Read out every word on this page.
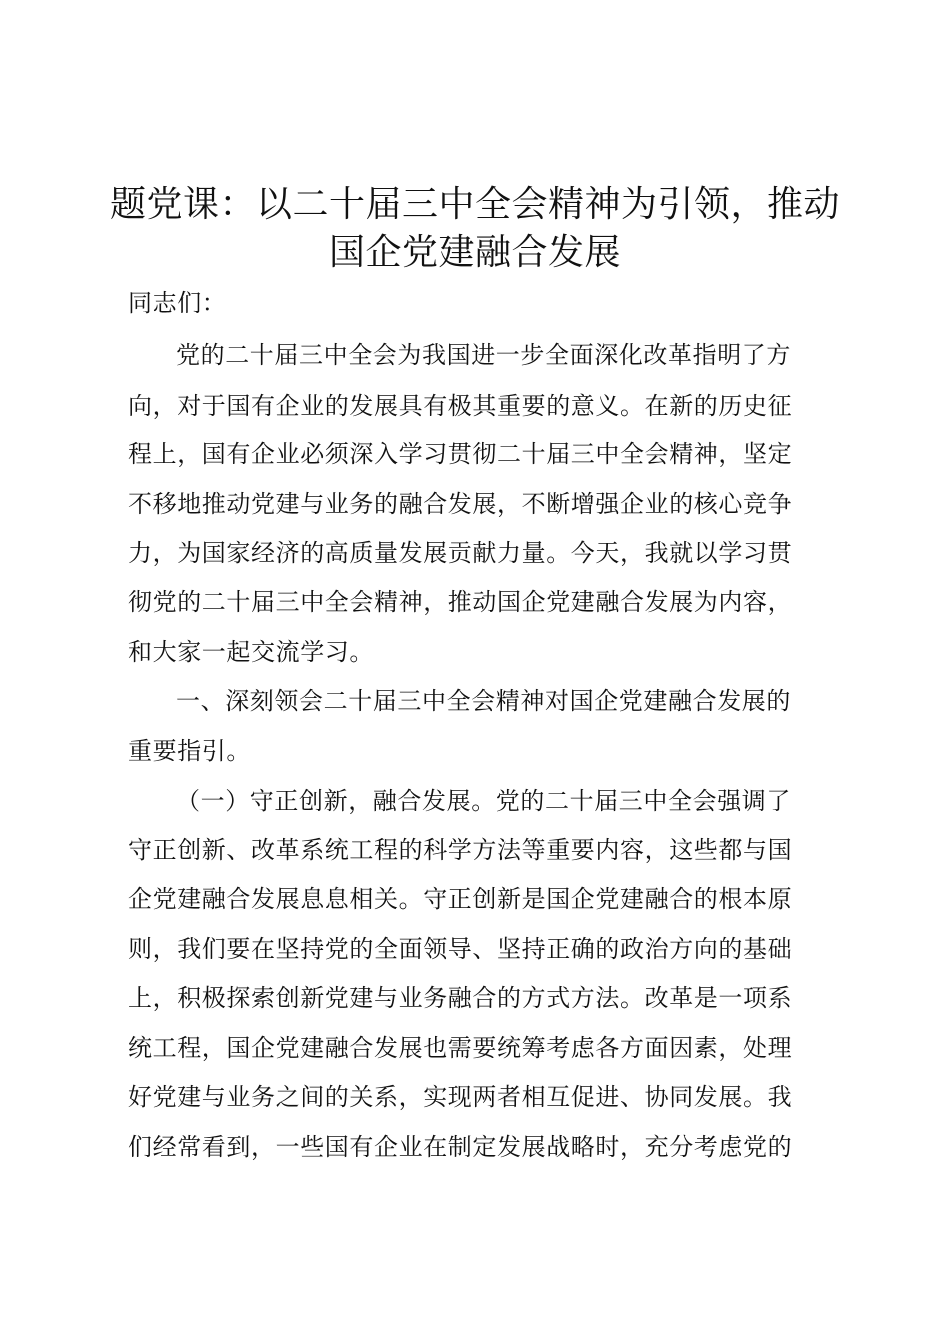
题党课：以二十届三中全会精神为引领，推动
国企党建融合发展
同志们：
党的二十届三中全会为我国进一步全面深化改革指明了方
向，对于国有企业的发展具有极其重要的意义。在新的历史征
程上，国有企业必须深入学习贯彻二十届三中全会精神，坚定
不移地推动党建与业务的融合发展，不断增强企业的核心竞争
力，为国家经济的高质量发展贡献力量。今天，我就以学习贯
彻党的二十届三中全会精神，推动国企党建融合发展为内容，
和大家一起交流学习。
一、深刻领会二十届三中全会精神对国企党建融合发展的
重要指引。
（一）守正创新，融合发展。党的二十届三中全会强调了
守正创新、改革系统工程的科学方法等重要内容，这些都与国
企党建融合发展息息相关。守正创新是国企党建融合的根本原
则，我们要在坚持党的全面领导、坚持正确的政治方向的基础
上，积极探索创新党建与业务融合的方式方法。改革是一项系
统工程，国企党建融合发展也需要统筹考虑各方面因素，处理
好党建与业务之间的关系，实现两者相互促进、协同发展。我
们经常看到，一些国有企业在制定发展战略时，充分考虑党的
